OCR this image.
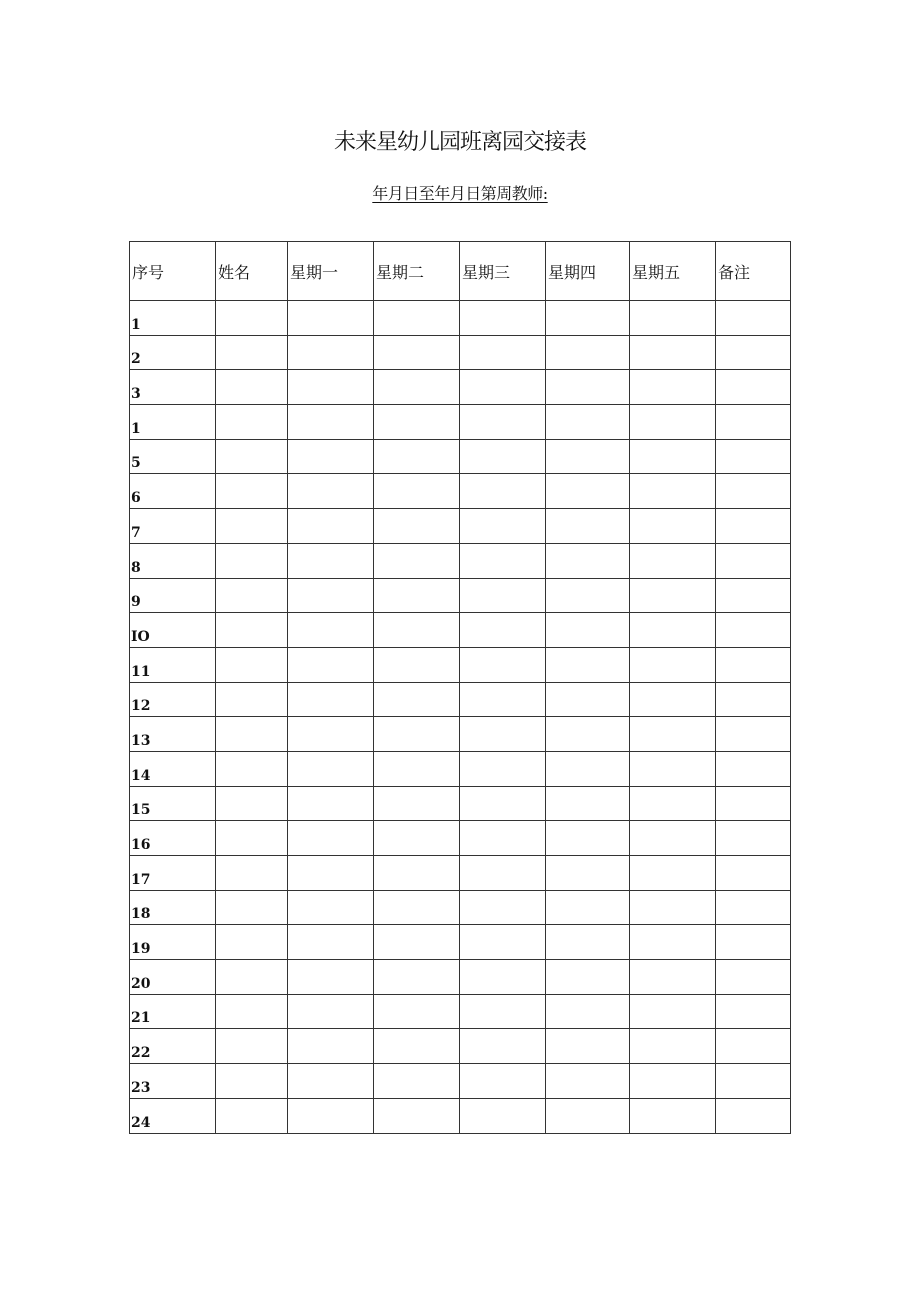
未来星幼儿园班离园交接表
年月日至年月日第周教师:
序号	姓名	星期一	星期二	星期三	星期四	星期五	备注
1							
2							
3							
1							
5							
6							
7							
8							
9							
IO							
11							
12							
13							
14							
15							
16							
17							
18							
19							
20							
21							
22							
23							
24							
